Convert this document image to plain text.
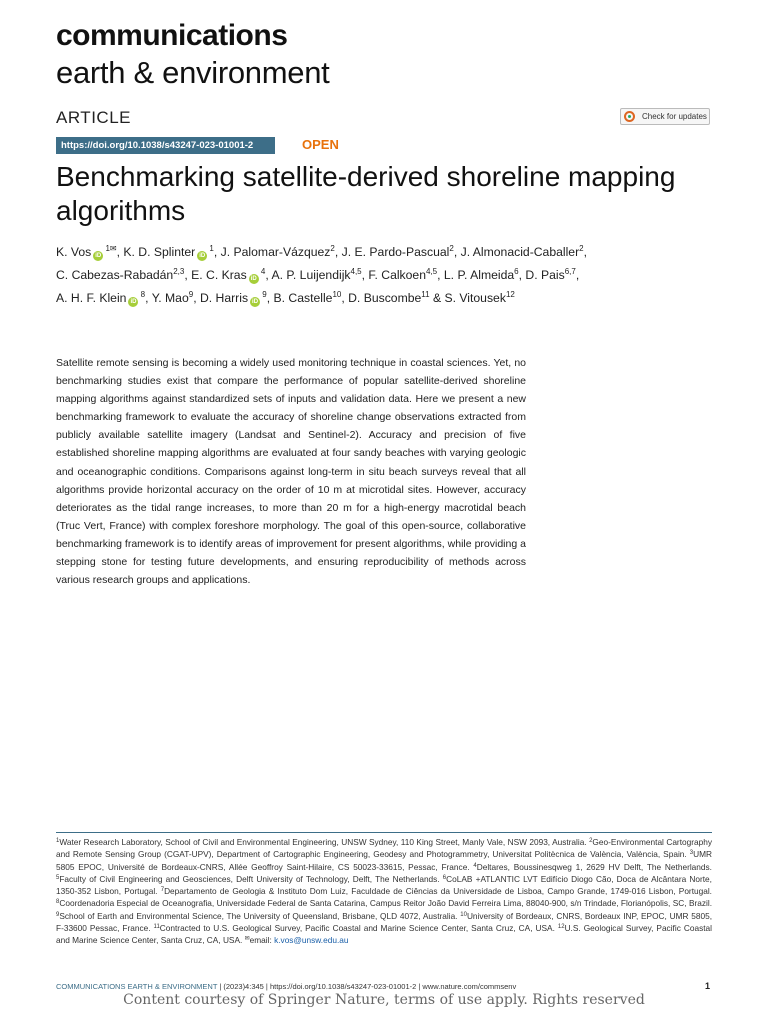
communications
earth & environment
ARTICLE	Check for updates
https://doi.org/10.1038/s43247-023-01001-2	OPEN
Benchmarking satellite-derived shoreline mapping algorithms
K. Vos iD $^{1✉}$, K. D. Splinter iD $^1$, J. Palomar-Vázquez$^2$, J. E. Pardo-Pascual$^2$, J. Almonacid-Caballer$^2$,
C. Cabezas-Rabadán$^{2,3}$, E. C. Kras iD $^4$, A. P. Luijendijk$^{4,5}$, F. Calkoen$^{4,5}$, L. P. Almeida$^6$, D. Pais$^{6,7}$,
A. H. F. Klein iD $^8$, Y. Mao$^9$, D. Harris iD $^9$, B. Castelle$^{10}$, D. Buscombe$^{11}$ & S. Vitousek$^{12}$
Satellite remote sensing is becoming a widely used monitoring technique in coastal sciences. Yet, no benchmarking studies exist that compare the performance of popular satellite-derived shoreline mapping algorithms against standardized sets of inputs and validation data. Here we present a new benchmarking framework to evaluate the accuracy of shoreline change observations extracted from publicly available satellite imagery (Landsat and Sentinel-2). Accuracy and precision of five established shoreline mapping algorithms are evaluated at four sandy beaches with varying geologic and oceanographic conditions. Comparisons against long-term in situ beach surveys reveal that all algorithms provide horizontal accuracy on the order of 10 m at microtidal sites. However, accuracy deteriorates as the tidal range increases, to more than 20 m for a high-energy macrotidal beach (Truc Vert, France) with complex foreshore morphology. The goal of this open-source, collaborative benchmarking framework is to identify areas of improvement for present algorithms, while providing a stepping stone for testing future developments, and ensuring reproducibility of methods across various research groups and applications.
$^1$Water Research Laboratory, School of Civil and Environmental Engineering, UNSW Sydney, 110 King Street, Manly Vale, NSW 2093, Australia. $^2$Geo-Environmental Cartography and Remote Sensing Group (CGAT-UPV), Department of Cartographic Engineering, Geodesy and Photogrammetry, Universitat Politècnica de València, València, Spain. $^3$UMR 5805 EPOC, Université de Bordeaux-CNRS, Allée Geoffroy Saint-Hilaire, CS 50023-33615, Pessac, France. $^4$Deltares, Boussinesqweg 1, 2629 HV Delft, The Netherlands. $^5$Faculty of Civil Engineering and Geosciences, Delft University of Technology, Delft, The Netherlands. $^6$CoLAB +ATLANTIC LVT Edifício Diogo Cão, Doca de Alcântara Norte, 1350-352 Lisbon, Portugal. $^7$Departamento de Geologia & Instituto Dom Luiz, Faculdade de Ciências da Universidade de Lisboa, Campo Grande, 1749-016 Lisbon, Portugal. $^8$Coordenadoria Especial de Oceanografia, Universidade Federal de Santa Catarina, Campus Reitor João David Ferreira Lima, 88040-900, s/n Trindade, Florianópolis, SC, Brazil. $^9$School of Earth and Environmental Science, The University of Queensland, Brisbane, QLD 4072, Australia. $^{10}$University of Bordeaux, CNRS, Bordeaux INP, EPOC, UMR 5805, F-33600 Pessac, France. $^{11}$Contracted to U.S. Geological Survey, Pacific Coastal and Marine Science Center, Santa Cruz, CA, USA. $^{12}$U.S. Geological Survey, Pacific Coastal and Marine Science Center, Santa Cruz, CA, USA. ✉email: k.vos@unsw.edu.au
COMMUNICATIONS EARTH & ENVIRONMENT | (2023)4:345 | https://doi.org/10.1038/s43247-023-01001-2 | www.nature.com/commsenv	1
Content courtesy of Springer Nature, terms of use apply. Rights reserved
